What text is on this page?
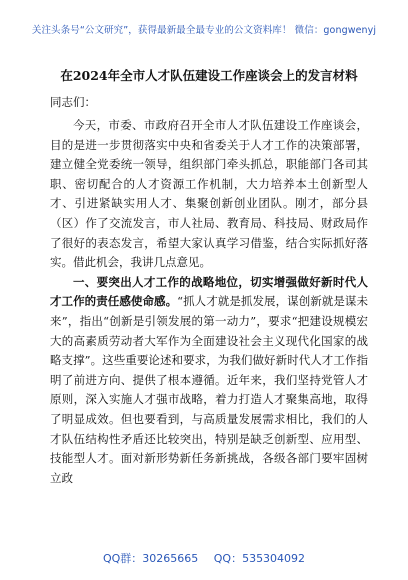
关注头条号“公文研究”，获得最新最全最专业的公文资料库！ 微信：gongwenyj
在2024年全市人才队伍建设工作座谈会上的发言材料
同志们：

今天，市委、市政府召开全市人才队伍建设工作座谈会，目的是进一步贯彻落实中央和省委关于人才工作的决策部署，建立健全党委统一领导，组织部门牵头抓总，职能部门各司其职、密切配合的人才资源工作机制，大力培养本土创新型人才、引进紧缺实用人才、集聚创新创业团队。刚才，部分县（区）作了交流发言，市人社局、教育局、科技局、财政局作了很好的表态发言，希望大家认真学习借鉴，结合实际抓好落实。借此机会，我讲几点意见。

一、要突出人才工作的战略地位，切实增强做好新时代人才工作的责任感使命感。“抓人才就是抓发展，谋创新就是谋未来”，指出“创新是引领发展的第一动力”，要求“把建设规模宏大的高素质劳动者大军作为全面建设社会主义现代化国家的战略支撑”。这些重要论述和要求，为我们做好新时代人才工作指明了前进方向、提供了根本遵循。近年来，我们坚持党管人才原则，深入实施人才强市战略，着力打造人才聚集高地，取得了明显成效。但也要看到，与高质量发展需求相比，我们的人才队伍结构性矛盾还比较突出，特别是缺乏创新型、应用型、技能型人才。面对新形势新任务新挑战，各级各部门要牢固树立政

QQ群：30265665 QQ：535304092
